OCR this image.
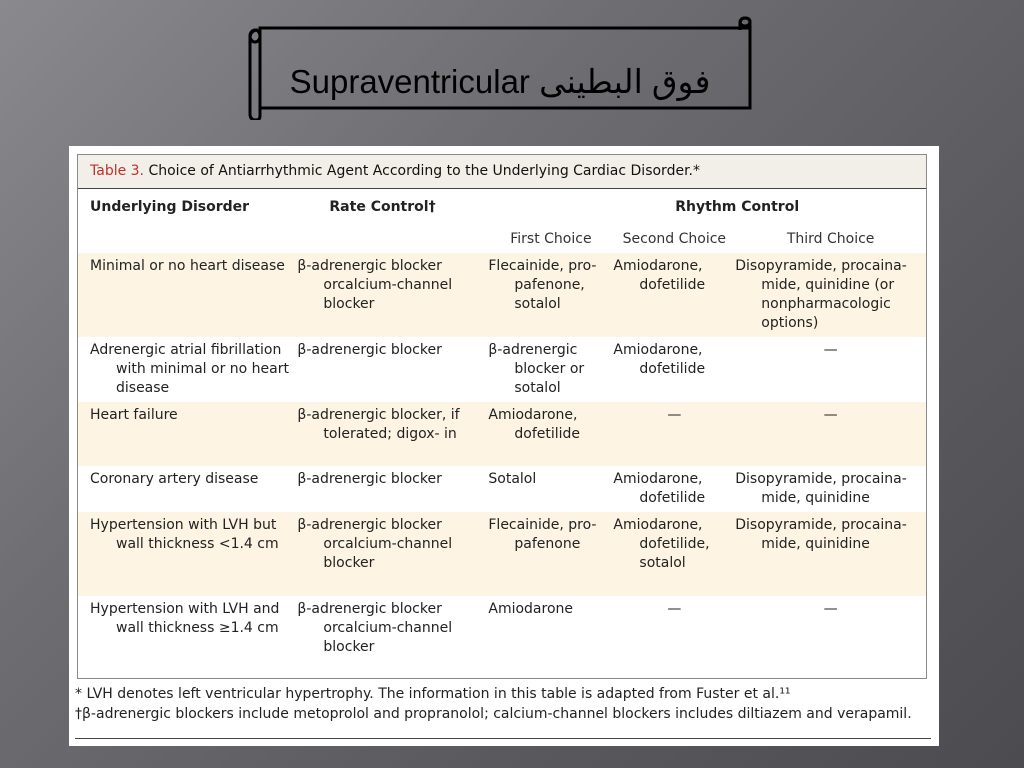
Supraventricular فوق البطينى
Table 3. Choice of Antiarrhythmic Agent According to the Underlying Cardiac Disorder.*
Underlying Disorder	Rate Control†	Rhythm Control		
		First Choice	Second Choice	Third Choice

Minimal or no heart disease	β-adrenergic blocker orcalcium-channel blocker	Flecainide, pro- pafenone, sotalol	Amiodarone, dofetilide	Disopyramide, procaina- mide, quinidine (or nonpharmacologic options)

Adrenergic atrial fibrillation with minimal or no heart disease	β-adrenergic blocker	β-adrenergic blocker or sotalol	Amiodarone, dofetilide	—

Heart failure	β-adrenergic blocker, if tolerated; digox- in	Amiodarone, dofetilide	—	—

Coronary artery disease	β-adrenergic blocker	Sotalol	Amiodarone, dofetilide	Disopyramide, procaina- mide, quinidine

Hypertension with LVH but wall thickness <1.4 cm	β-adrenergic blocker orcalcium-channel blocker	Flecainide, pro- pafenone	Amiodarone, dofetilide, sotalol	Disopyramide, procaina- mide, quinidine

Hypertension with LVH and wall thickness ≥1.4 cm	β-adrenergic blocker orcalcium-channel blocker	Amiodarone	—	—
* LVH denotes left ventricular hypertrophy. The information in this table is adapted from Fuster et al.¹¹
†β-adrenergic blockers include metoprolol and propranolol; calcium-channel blockers includes diltiazem and verapamil.
